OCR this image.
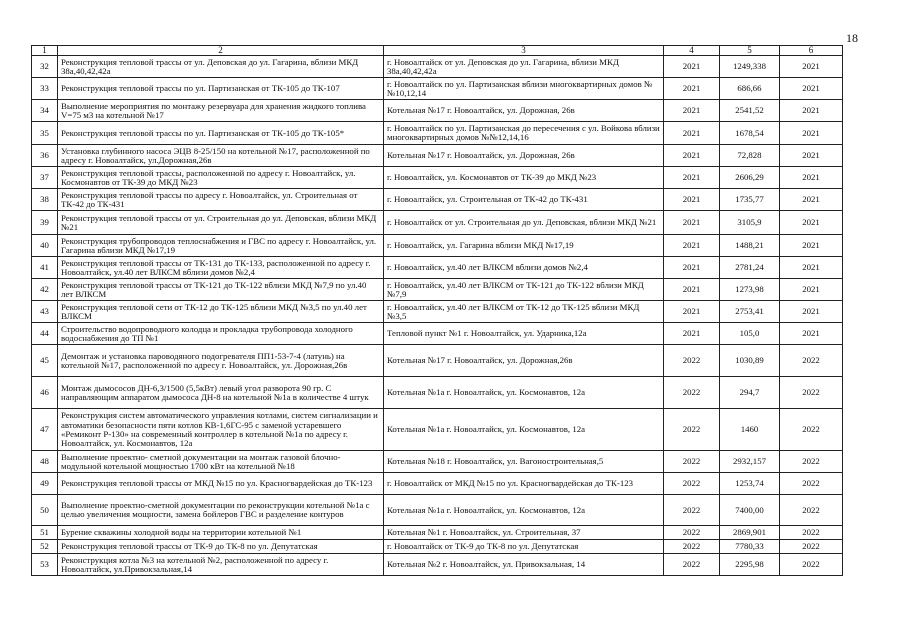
18
1	2	3	4	5	6
32	Реконструкция тепловой трассы от ул. Деповская до ул. Гагарина, вблизи МКД 38а,40,42,42а	г. Новоалтайск от ул. Деповская до ул. Гагарина, вблизи МКД 38а,40,42,42а	2021	1249,338	2021
33	Реконструкция тепловой трассы по ул. Партизанская от ТК-105 до ТК-107	г. Новоалтайск по ул. Партизанская вблизи многоквартирных домов №№10,12,14	2021	686,66	2021
34	Выполнение мероприятия по монтажу резервуара для хранения жидкого топлива V=75 м3 на котельной №17	Котельная №17 г. Новоалтайск, ул. Дорожная, 26в	2021	2541,52	2021
35	Реконструкция тепловой трассы по ул. Партизанская от ТК-105 до ТК-105*	г. Новоалтайск по ул. Партизанская до пересечения с ул. Войкова вблизи многоквартирных домов №№12,14,16	2021	1678,54	2021
36	Установка глубинного насоса ЭЦВ 8-25/150 на котельной №17, расположенной по адресу г. Новоалтайск, ул.Дорожная,26в	Котельная №17 г. Новоалтайск, ул. Дорожная, 26в	2021	72,828	2021
37	Реконструкция тепловой трассы, расположенной по адресу г. Новоалтайск, ул. Космонавтов от ТК-39 до МКД №23	г. Новоалтайск, ул. Космонавтов от ТК-39 до МКД №23	2021	2606,29	2021
38	Реконструкция тепловой трассы по адресу г. Новоалтайск, ул. Строительная от ТК-42 до ТК-431	г. Новоалтайск, ул. Строительная от ТК-42 до ТК-431	2021	1735,77	2021
39	Реконструкция тепловой трассы от ул. Строительная до ул. Деповская, вблизи МКД №21	г. Новоалтайск от ул. Строительная до ул. Деповская, вблизи МКД №21	2021	3105,9	2021
40	Реконструкция трубопроводов теплоснабжения и ГВС по адресу г. Новоалтайск, ул. Гагарина вблизи МКД №17,19	г. Новоалтайск, ул. Гагарина вблизи МКД №17,19	2021	1488,21	2021
41	Реконструкция тепловой трассы от ТК-131 до ТК-133, расположенной по адресу г. Новоалтайск, ул.40 лет ВЛКСМ вблизи домов №2,4	г. Новоалтайск, ул.40 лет ВЛКСМ вблизи домов №2,4	2021	2781,24	2021
42	Реконструкция тепловой трассы от ТК-121 до ТК-122 вблизи МКД №7,9 по ул.40 лет ВЛКСМ	г. Новоалтайск, ул.40 лет ВЛКСМ от ТК-121 до ТК-122 вблизи МКД №7,9	2021	1273,98	2021
43	Реконструкция тепловой сети от ТК-12 до ТК-125 вблизи МКД №3,5 по ул.40 лет ВЛКСМ	г. Новоалтайск, ул.40 лет ВЛКСМ от ТК-12 до ТК-125 вблизи МКД №3,5	2021	2753,41	2021
44	Строительство водопроводного колодца и прокладка трубопровода холодного водоснабжения до ТП №1	Тепловой пункт №1 г. Новоалтайск, ул. Ударника,12а	2021	105,0	2021
45	Демонтаж и установка пароводяного подогревателя ПП1-53-7-4 (латунь) на котельной №17, расположенной по адресу г. Новоалтайск, ул. Дорожная,26в	Котельная №17 г. Новоалтайск, ул. Дорожная,26в	2022	1030,89	2022
46	Монтаж дымососов ДН-6,3/1500 (5,5кВт) левый угол разворота 90 гр. С направляющим аппаратом дымососа ДН-8 на котельной №1а в количестве 4 штук	Котельная №1а г. Новоалтайск, ул. Космонавтов, 12а	2022	294,7	2022
47	Реконструкция систем автоматического управления котлами, систем сигнализации и автоматики безопасности пяти котлов КВ-1,6ГС-95 с заменой устаревшего «Ремиконт Р-130» на современный контроллер в котельной №1а по адресу г. Новоалтайск, ул. Космонавтов, 12а	Котельная №1а г. Новоалтайск, ул. Космонавтов, 12а	2022	1460	2022
48	Выполнение проектно- сметной документации на монтаж газовой блочно-модульной котельной мощностью 1700 кВт на котельной №18	Котельная №18 г. Новоалтайск, ул. Вагоностроительная,5	2022	2932,157	2022
49	Реконструкция тепловой трассы от МКД №15 по ул. Красногвардейская до ТК-123	г. Новоалтайск от МКД №15 по ул. Красногвардейская до ТК-123	2022	1253,74	2022
50	Выполнение проектно-сметной документации по реконструкции котельной №1а с целью увеличения мощности, замена бойлеров ГВС и разделение контуров	Котельная №1а г. Новоалтайск, ул. Космонавтов, 12а	2022	7400,00	2022
51	Бурение скважины холодной воды на территории котельной №1	Котельная №1 г. Новоалтайск, ул. Строительная, 37	2022	2869,901	2022
52	Реконструкция тепловой трассы от ТК-9 до ТК-8 по ул. Депутатская	г. Новоалтайск от ТК-9 до ТК-8 по ул. Депутатская	2022	7780,33	2022
53	Реконструкция котла №3 на котельной №2, расположенной по адресу г. Новоалтайск, ул.Привокзальная,14	Котельная №2 г. Новоалтайск, ул. Привокзальная, 14	2022	2295,98	2022
